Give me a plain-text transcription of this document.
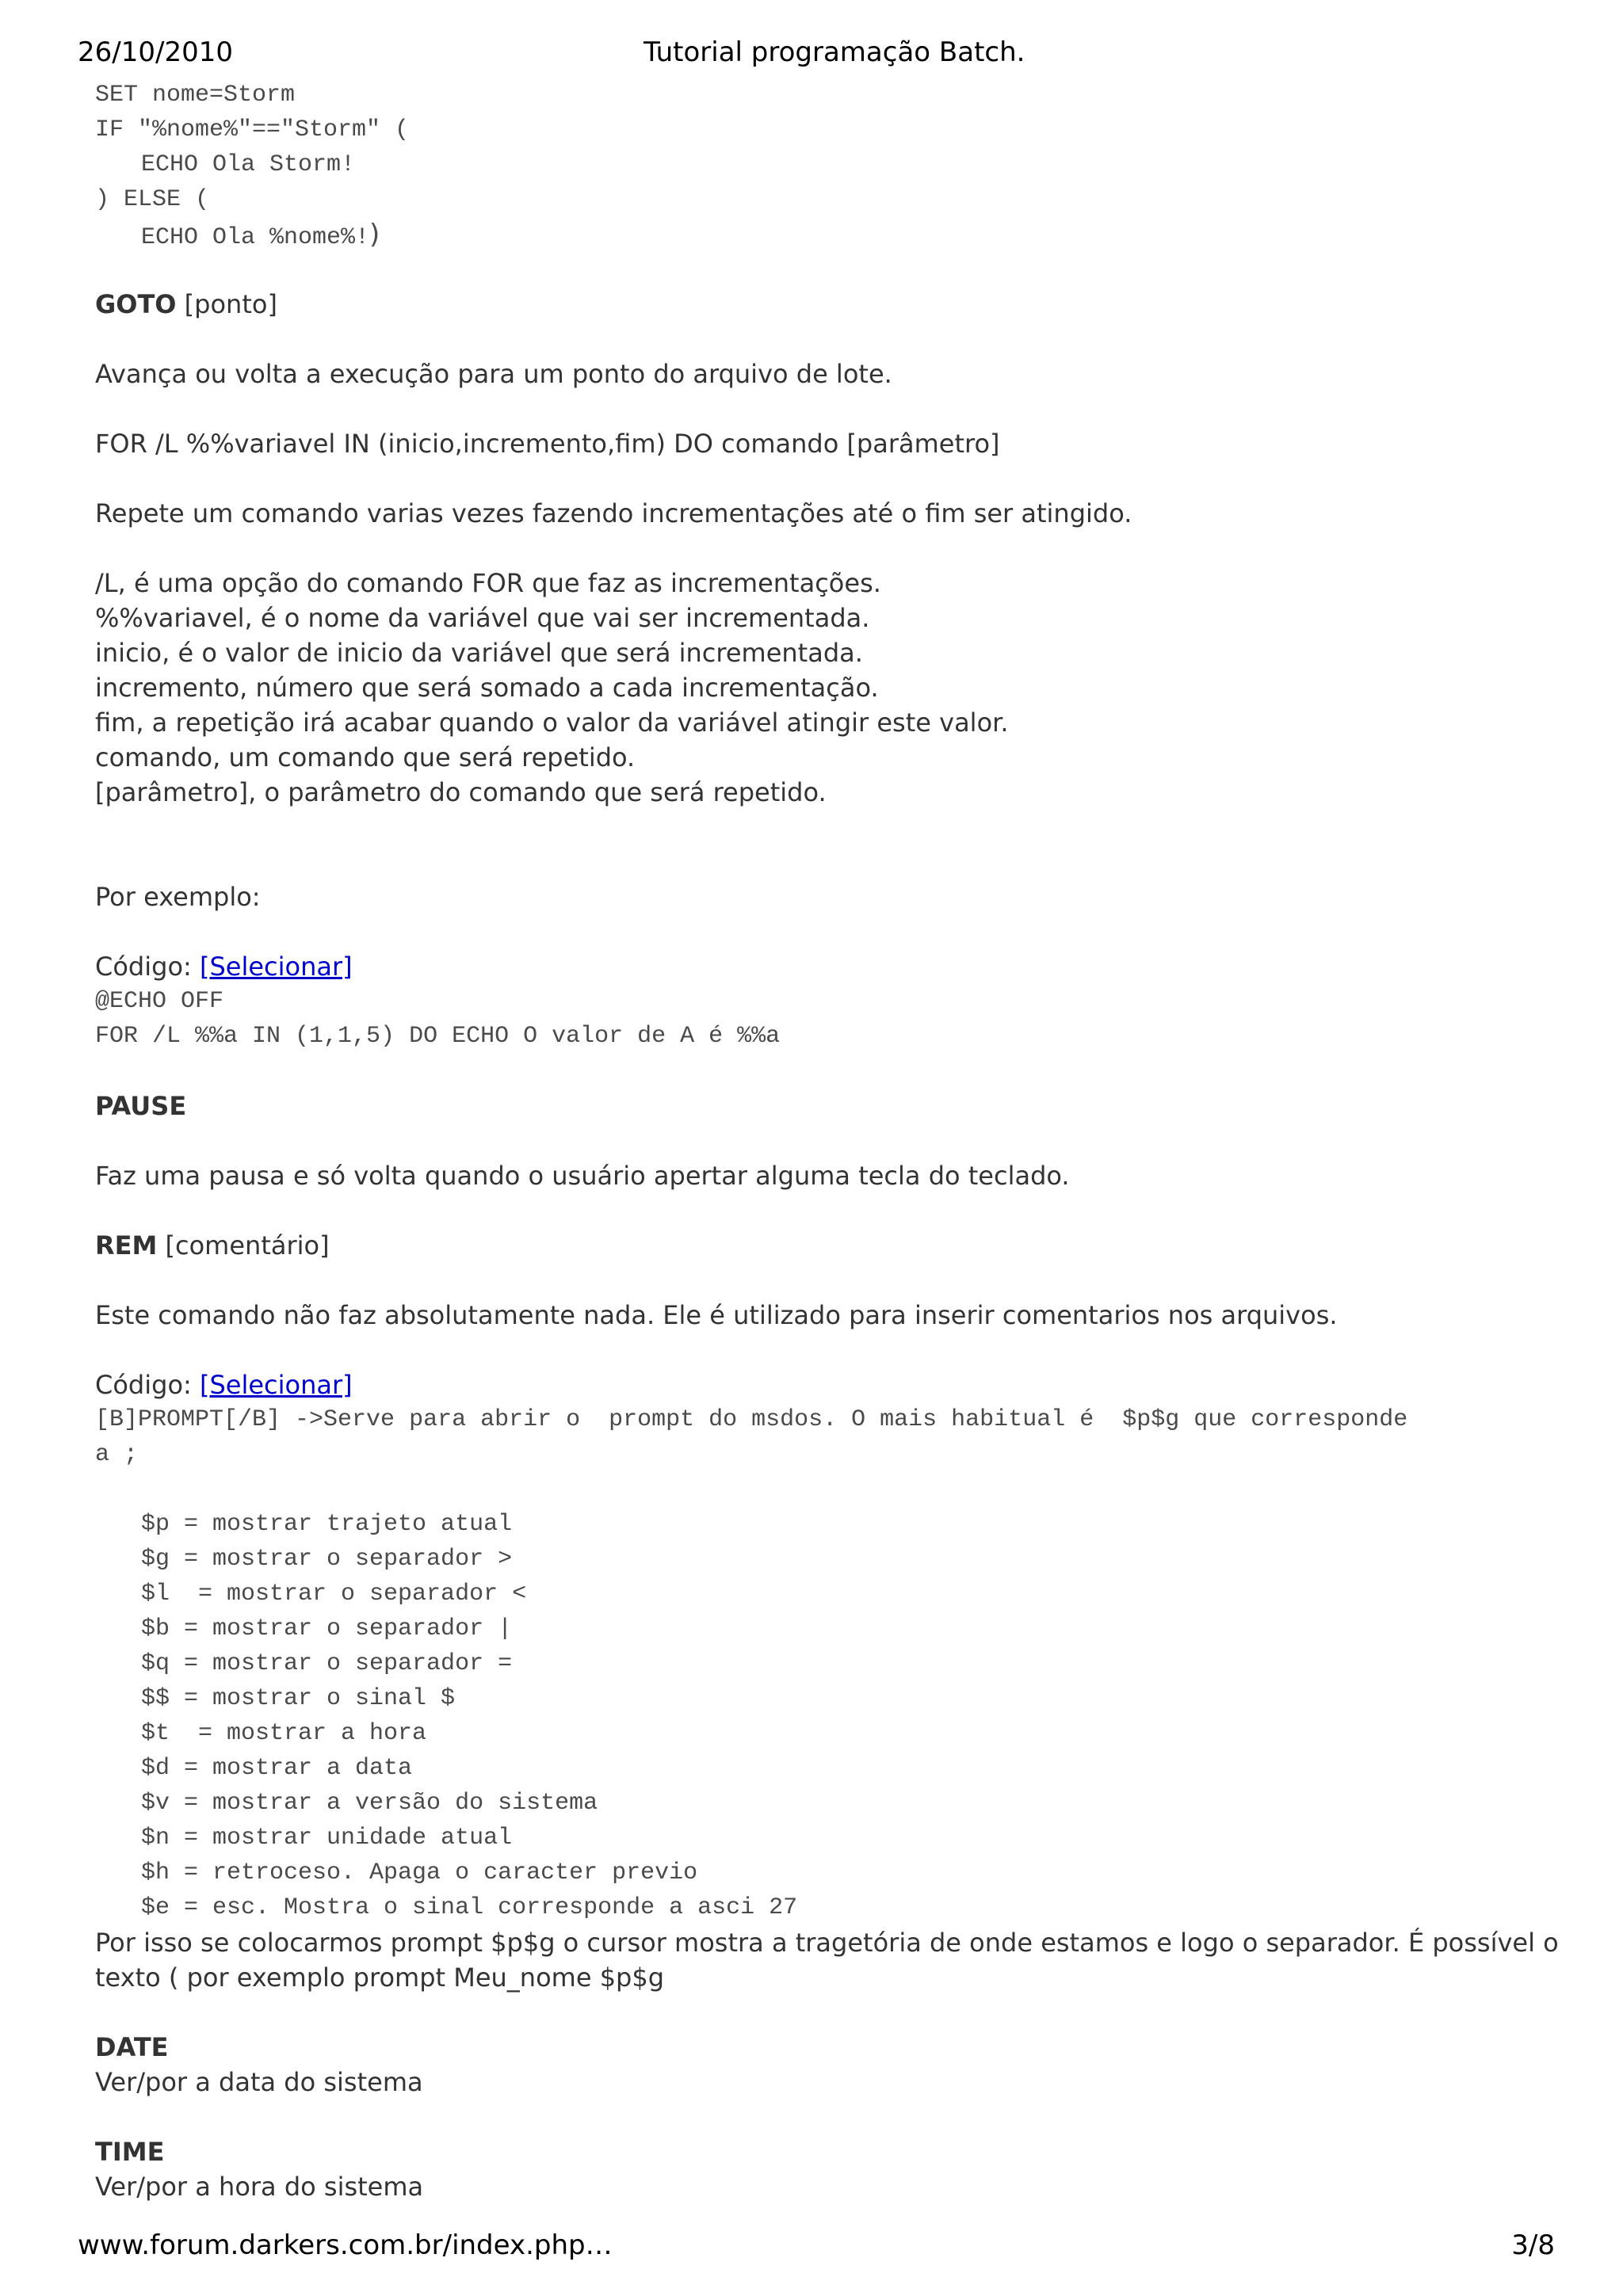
26/10/2010	Tutorial programação Batch.
SET nome=Storm
IF "%nome%"=="Storm" (
ECHO Ola Storm!
) ELSE (
ECHO Ola %nome%!)
GOTO [ponto]
Avança ou volta a execução para um ponto do arquivo de lote.
FOR /L %%variavel IN (inicio,incremento,fim) DO comando [parâmetro]
Repete um comando varias vezes fazendo incrementações até o fim ser atingido.
/L, é uma opção do comando FOR que faz as incrementações.
%%variavel, é o nome da variável que vai ser incrementada.
inicio, é o valor de inicio da variável que será incrementada.
incremento, número que será somado a cada incrementação.
fim, a repetição irá acabar quando o valor da variável atingir este valor.
comando, um comando que será repetido.
[parâmetro], o parâmetro do comando que será repetido.
Por exemplo:
Código: [Selecionar]
@ECHO OFF
FOR /L %%a IN (1,1,5) DO ECHO O valor de A é %%a
PAUSE
Faz uma pausa e só volta quando o usuário apertar alguma tecla do teclado.
REM [comentário]
Este comando não faz absolutamente nada. Ele é utilizado para inserir comentarios nos arquivos.
Código: [Selecionar]
[B]PROMPT[/B] ->Serve para abrir o  prompt do msdos. O mais habitual é  $p$g que corresponde
a ;
$p = mostrar trajeto atual
$g = mostrar o separador >
$l  = mostrar o separador <
$b = mostrar o separador |
$q = mostrar o separador =
$$ = mostrar o sinal $
$t  = mostrar a hora
$d = mostrar a data
$v = mostrar a versão do sistema
$n = mostrar unidade atual
$h = retroceso. Apaga o caracter previo
$e = esc. Mostra o sinal corresponde a asci 27
Por isso se colocarmos prompt $p$g o cursor mostra a tragetória de onde estamos e logo o separador. É possível o
texto ( por exemplo prompt Meu_nome $p$g
DATE
Ver/por a data do sistema
TIME
Ver/por a hora do sistema
www.forum.darkers.com.br/index.php…	3/8
